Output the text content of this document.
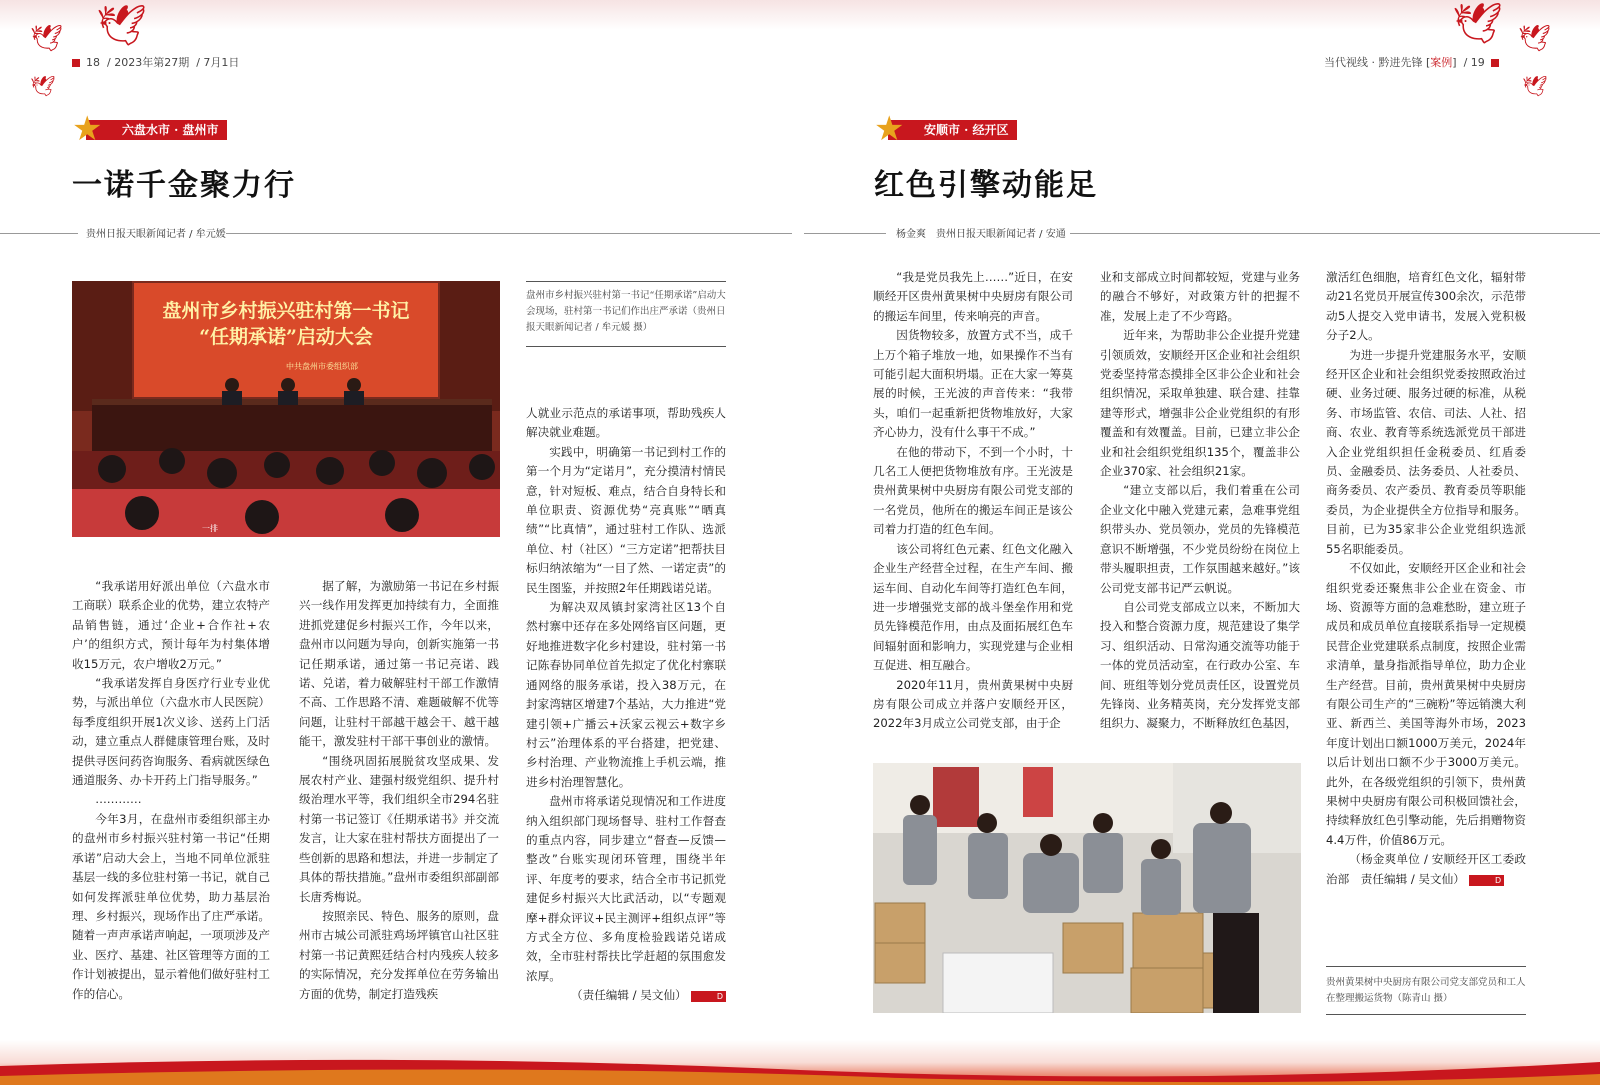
🕊
🕊
🕊
🕊 🕊
🕊
18  / 2023年第27期  / 7月1日	当代视线 · 黔进先锋 [案例]  / 19
六盘水市 · 盘州市
★
一诺千金聚力行
贵州日报天眼新闻记者 / 牟元媛
盘州市乡村振兴驻村第一书记
“任期承诺”启动大会
中共盘州市委组织部
一排
盘州市乡村振兴驻村第一书记“任期承诺”启动大会现场，驻村第一书记们作出庄严承诺（贵州日报天眼新闻记者 / 牟元媛 摄）

“我承诺用好派出单位（六盘水市工商联）联系企业的优势，建立农特产品销售链，通过‘企业+合作社+农户’的组织方式，预计每年为村集体增收15万元，农户增收2万元。”

“我承诺发挥自身医疗行业专业优势，与派出单位（六盘水市人民医院）每季度组织开展1次义诊、送药上门活动，建立重点人群健康管理台账，及时提供寻医问药咨询服务、看病就医绿色通道服务、办卡开药上门指导服务。”

…………

今年3月，在盘州市委组织部主办的盘州市乡村振兴驻村第一书记“任期承诺”启动大会上，当地不同单位派驻基层一线的多位驻村第一书记，就自己如何发挥派驻单位优势，助力基层治理、乡村振兴，现场作出了庄严承诺。随着一声声承诺声响起，一项项涉及产业、医疗、基建、社区管理等方面的工作计划被提出，显示着他们做好驻村工作的信心。

据了解，为激励第一书记在乡村振兴一线作用发挥更加持续有力，全面推进抓党建促乡村振兴工作，今年以来，盘州市以问题为导向，创新实施第一书记任期承诺，通过第一书记亮诺、践诺、兑诺，着力破解驻村干部工作激情不高、工作思路不清、难题破解不优等问题，让驻村干部越干越会干、越干越能干，激发驻村干部干事创业的激情。

“围绕巩固拓展脱贫攻坚成果、发展农村产业、建强村级党组织、提升村级治理水平等，我们组织全市294名驻村第一书记签订《任期承诺书》并交流发言，让大家在驻村帮扶方面提出了一些创新的思路和想法，并进一步制定了具体的帮扶措施。”盘州市委组织部副部长唐秀梅说。

按照亲民、特色、服务的原则，盘州市古城公司派驻鸡场坪镇官山社区驻村第一书记黄熙廷结合村内残疾人较多的实际情况，充分发挥单位在劳务输出方面的优势，制定打造残疾

人就业示范点的承诺事项，帮助残疾人解决就业难题。

实践中，明确第一书记到村工作的第一个月为“定诺月”，充分摸清村情民意，针对短板、难点，结合自身特长和单位职责、资源优势“亮真账”“晒真绩”“比真情”，通过驻村工作队、选派单位、村（社区）“三方定诺”把帮扶目标归纳浓缩为“一目了然、一诺定责”的民生图鉴，并按照2年任期践诺兑诺。

为解决双凤镇封家湾社区13个自然村寨中还存在多处网络盲区问题，更好地推进数字化乡村建设，驻村第一书记陈春协同单位首先拟定了优化村寨联通网络的服务承诺，投入38万元，在封家湾辖区增建7个基站，大力推进“党建引领+广播云+沃家云视云+数字乡村云”治理体系的平台搭建，把党建、乡村治理、产业物流推上手机云端，推进乡村治理智慧化。

盘州市将承诺兑现情况和工作进度纳入组织部门现场督导、驻村工作督查的重点内容，同步建立“督查—反馈—整改”台账实现闭环管理，围绕半年评、年度考的要求，结合全市书记抓党建促乡村振兴大比武活动，以“专题观摩+群众评议+民主测评+组织点评”等方式全方位、多角度检验践诺兑诺成效，全市驻村帮扶比学赶超的氛围愈发浓厚。

（责任编辑 / 吴文仙）	D

安顺市 · 经开区
★
红色引擎动能足
杨金爽　贵州日报天眼新闻记者 / 安通

“我是党员我先上……”近日，在安顺经开区贵州黄果树中央厨房有限公司的搬运车间里，传来响亮的声音。

因货物较多，放置方式不当，成千上万个箱子堆放一地，如果操作不当有可能引起大面积坍塌。正在大家一筹莫展的时候，王光波的声音传来：“我带头，咱们一起重新把货物堆放好，大家齐心协力，没有什么事干不成。”

在他的带动下，不到一个小时，十几名工人便把货物堆放有序。王光波是贵州黄果树中央厨房有限公司党支部的一名党员，他所在的搬运车间正是该公司着力打造的红色车间。

该公司将红色元素、红色文化融入企业生产经营全过程，在生产车间、搬运车间、自动化车间等打造红色车间，进一步增强党支部的战斗堡垒作用和党员先锋模范作用，由点及面拓展红色车间辐射面和影响力，实现党建与企业相互促进、相互融合。

2020年11月，贵州黄果树中央厨房有限公司成立并落户安顺经开区，2022年3月成立公司党支部，由于企

业和支部成立时间都较短，党建与业务的融合不够好，对政策方针的把握不准，发展上走了不少弯路。

近年来，为帮助非公企业提升党建引领质效，安顺经开区企业和社会组织党委坚持常态摸排全区非公企业和社会组织情况，采取单独建、联合建、挂靠建等形式，增强非公企业党组织的有形覆盖和有效覆盖。目前，已建立非公企业和社会组织党组织135个，覆盖非公企业370家、社会组织21家。

“建立支部以后，我们着重在公司企业文化中融入党建元素，急难事党组织带头办、党员领办，党员的先锋模范意识不断增强，不少党员纷纷在岗位上带头履职担责，工作氛围越来越好。”该公司党支部书记严云帆说。

自公司党支部成立以来，不断加大投入和整合资源力度，规范建设了集学习、组织活动、日常沟通交流等功能于一体的党员活动室，在行政办公室、车间、班组等划分党员责任区，设置党员先锋岗、业务精英岗，充分发挥党支部组织力、凝聚力，不断释放红色基因，

激活红色细胞，培育红色文化，辐射带动21名党员开展宣传300余次，示范带动5人提交入党申请书，发展入党积极分子2人。

为进一步提升党建服务水平，安顺经开区企业和社会组织党委按照政治过硬、业务过硬、服务过硬的标准，从税务、市场监管、农信、司法、人社、招商、农业、教育等系统选派党员干部进入企业党组织担任金税委员、红盾委员、金融委员、法务委员、人社委员、商务委员、农产委员、教育委员等职能委员，为企业提供全方位指导和服务。目前，已为35家非公企业党组织选派55名职能委员。

不仅如此，安顺经开区企业和社会组织党委还聚焦非公企业在资金、市场、资源等方面的急难愁盼，建立班子成员和成员单位直接联系指导一定规模民营企业党建联系点制度，按照企业需求清单，量身指派指导单位，助力企业生产经营。目前，贵州黄果树中央厨房有限公司生产的“三碗粉”等远销澳大利亚、新西兰、美国等海外市场，2023年度计划出口额1000万美元，2024年以后计划出口额不少于3000万美元。此外，在各级党组织的引领下，贵州黄果树中央厨房有限公司积极回馈社会，持续释放红色引擎动能，先后捐赠物资4.4万件，价值86万元。

（杨金爽单位 / 安顺经开区工委政治部　责任编辑 / 吴文仙）	D

贵州黄果树中央厨房有限公司党支部党员和工人在整理搬运货物（陈青山 摄）
